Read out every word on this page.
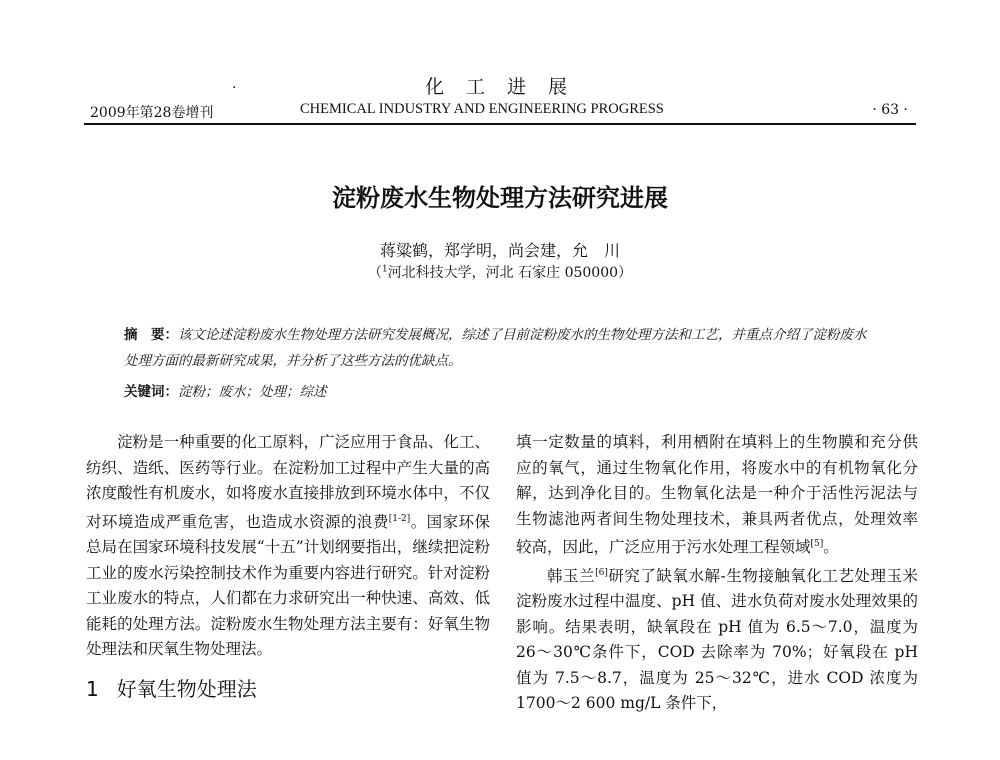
·	化 工 进 展
2009年第28卷增刊	CHEMICAL INDUSTRY AND ENGINEERING PROGRESS	· 63 ·
淀粉废水生物处理方法研究进展
蒋粱鹤，郑学明，尚会建，允　川
（$^1$河北科技大学，河北 石家庄 050000）
摘　要：该文论述淀粉废水生物处理方法研究发展概况，综述了目前淀粉废水的生物处理方法和工艺，并重点介绍了淀粉废水处理方面的最新研究成果，并分析了这些方法的优缺点。
关键词：淀粉；废水；处理；综述

淀粉是一种重要的化工原料，广泛应用于食品、化工、纺织、造纸、医药等行业。在淀粉加工过程中产生大量的高浓度酸性有机废水，如将废水直接排放到环境水体中，不仅对环境造成严重危害，也造成水资源的浪费[1-2]。国家环保总局在国家环境科技发展“十五”计划纲要指出，继续把淀粉工业的废水污染控制技术作为重要内容进行研究。针对淀粉工业废水的特点，人们都在力求研究出一种快速、高效、低能耗的处理方法。淀粉废水生物处理方法主要有：好氧生物处理法和厌氧生物处理法。

1 好氧生物处理法

填一定数量的填料，利用栖附在填料上的生物膜和充分供应的氧气，通过生物氧化作用，将废水中的有机物氧化分解，达到净化目的。生物氧化法是一种介于活性污泥法与生物滤池两者间生物处理技术，兼具两者优点，处理效率较高，因此，广泛应用于污水处理工程领域[5]。

韩玉兰[6]研究了缺氧水解-生物接触氧化工艺处理玉米淀粉废水过程中温度、pH 值、进水负荷对废水处理效果的影响。结果表明，缺氧段在 pH 值为 6.5～7.0，温度为 26～30℃条件下，COD 去除率为 70%；好氧段在 pH 值为 7.5～8.7，温度为 25～32℃，进水 COD 浓度为 1700～2 600 mg/L 条件下，
